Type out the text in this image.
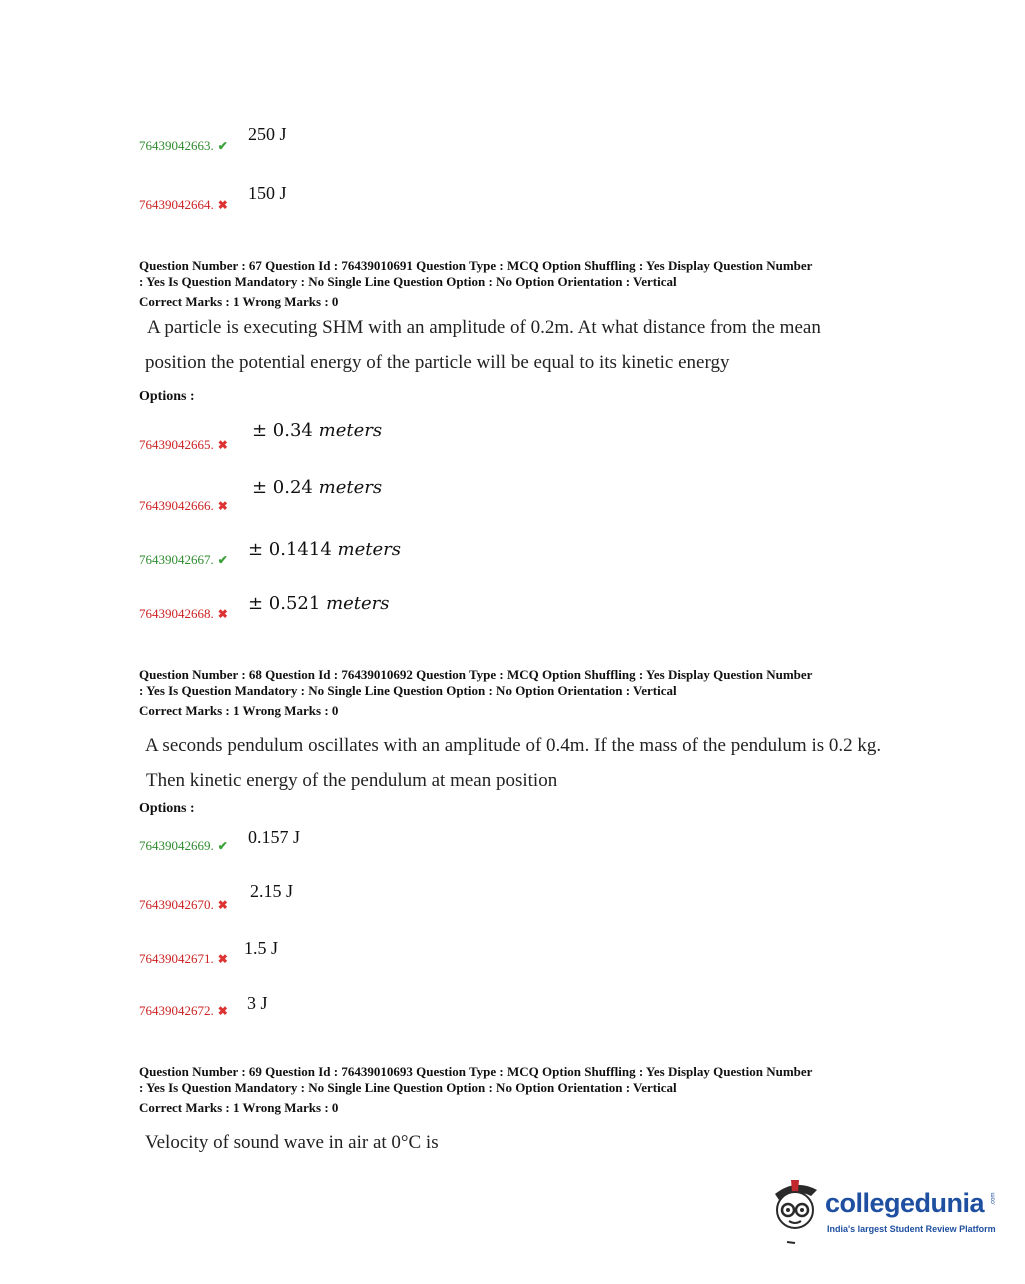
76439042663. ✔
250 J
76439042664. ✖
150 J
Question Number : 67 Question Id : 76439010691 Question Type : MCQ Option Shuffling : Yes Display Question Number
: Yes Is Question Mandatory : No Single Line Question Option : No Option Orientation : Vertical
Correct Marks : 1 Wrong Marks : 0
A particle is executing SHM with an amplitude of 0.2m. At what distance from the mean
position the potential energy of the particle will be equal to its kinetic energy
Options :
76439042665. ✖
± 0.34 meters
76439042666. ✖
± 0.24 meters
76439042667. ✔ ± 0.1414 meters
76439042668. ✖ ± 0.521 meters
Question Number : 68 Question Id : 76439010692 Question Type : MCQ Option Shuffling : Yes Display Question Number
: Yes Is Question Mandatory : No Single Line Question Option : No Option Orientation : Vertical
Correct Marks : 1 Wrong Marks : 0
A seconds pendulum oscillates with an amplitude of 0.4m. If the mass of the pendulum is 0.2 kg.
Then kinetic energy of the pendulum at mean position
Options :
76439042669. ✔ 0.157 J
76439042670. ✖
2.15 J
76439042671. ✖
1.5 J
76439042672. ✖ 3 J
Question Number : 69 Question Id : 76439010693 Question Type : MCQ Option Shuffling : Yes Display Question Number
: Yes Is Question Mandatory : No Single Line Question Option : No Option Orientation : Vertical
Correct Marks : 1 Wrong Marks : 0
Velocity of sound wave in air at 0°C is
collegedunia .com
India's largest Student Review Platform
